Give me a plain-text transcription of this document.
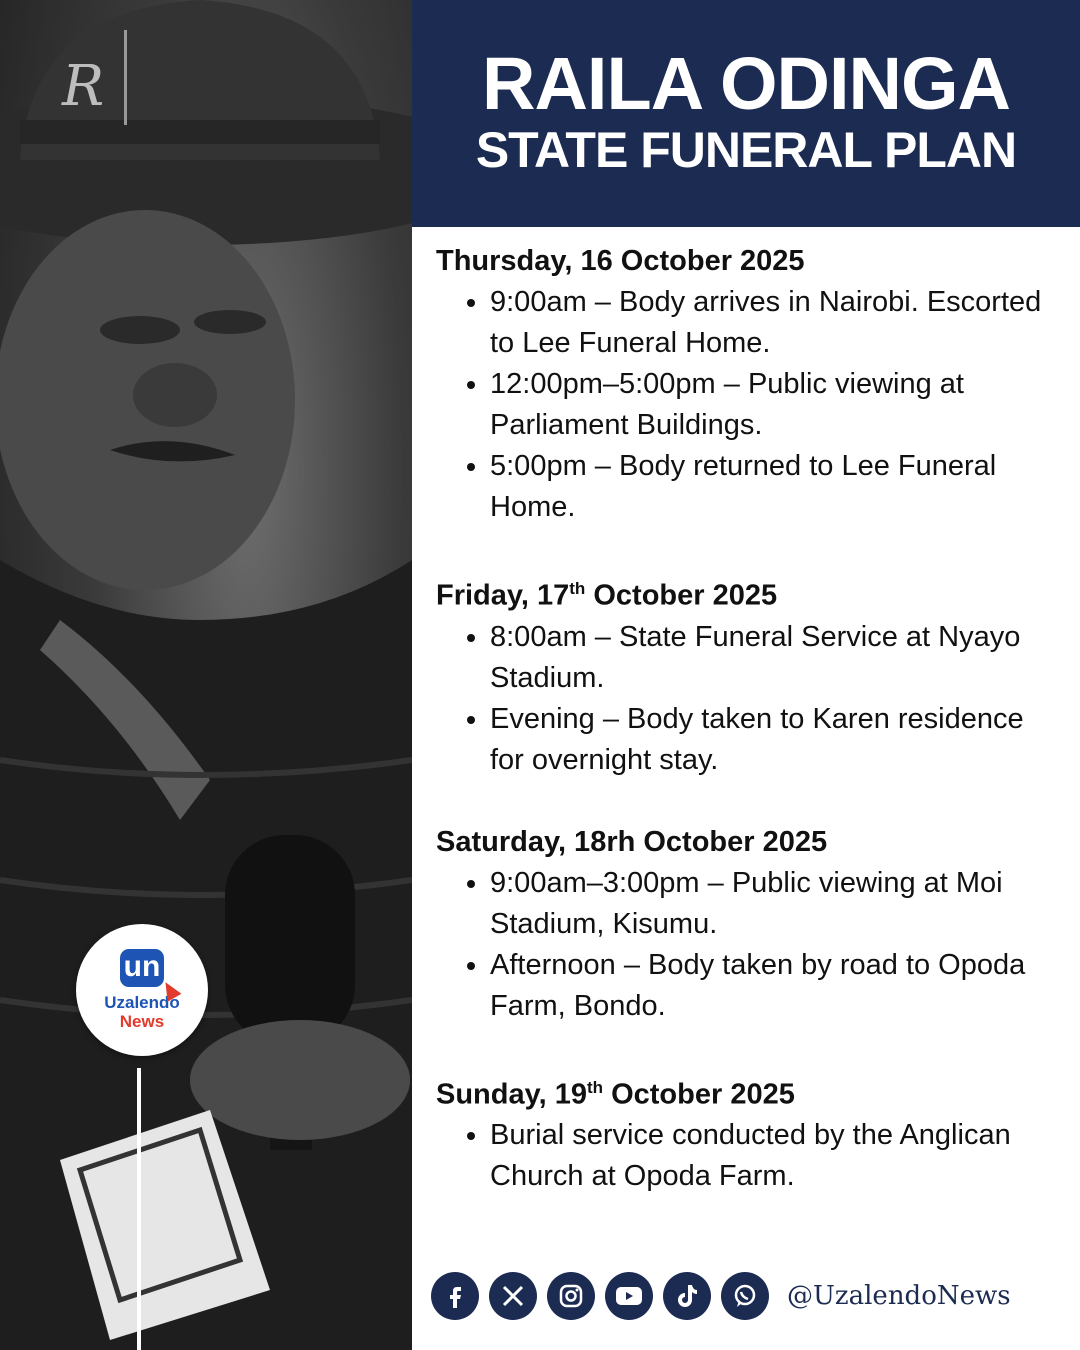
R
un
Uzalendo
News
RAILA ODINGA
STATE FUNERAL PLAN

Thursday, 16 October 2025

• 9:00am – Body arrives in Nairobi. Escorted to Lee Funeral Home.
• 12:00pm–5:00pm – Public viewing at Parliament Buildings.
• 5:00pm – Body returned to Lee Funeral Home.

Friday, 17th October 2025

• 8:00am – State Funeral Service at Nyayo Stadium.
• Evening – Body taken to Karen residence for overnight stay.

Saturday, 18rh October 2025

• 9:00am–3:00pm – Public viewing at Moi Stadium, Kisumu.
• Afternoon – Body taken by road to Opoda Farm, Bondo.

Sunday, 19th October 2025

• Burial service conducted by the Anglican Church at Opoda Farm.
@UzalendoNews
